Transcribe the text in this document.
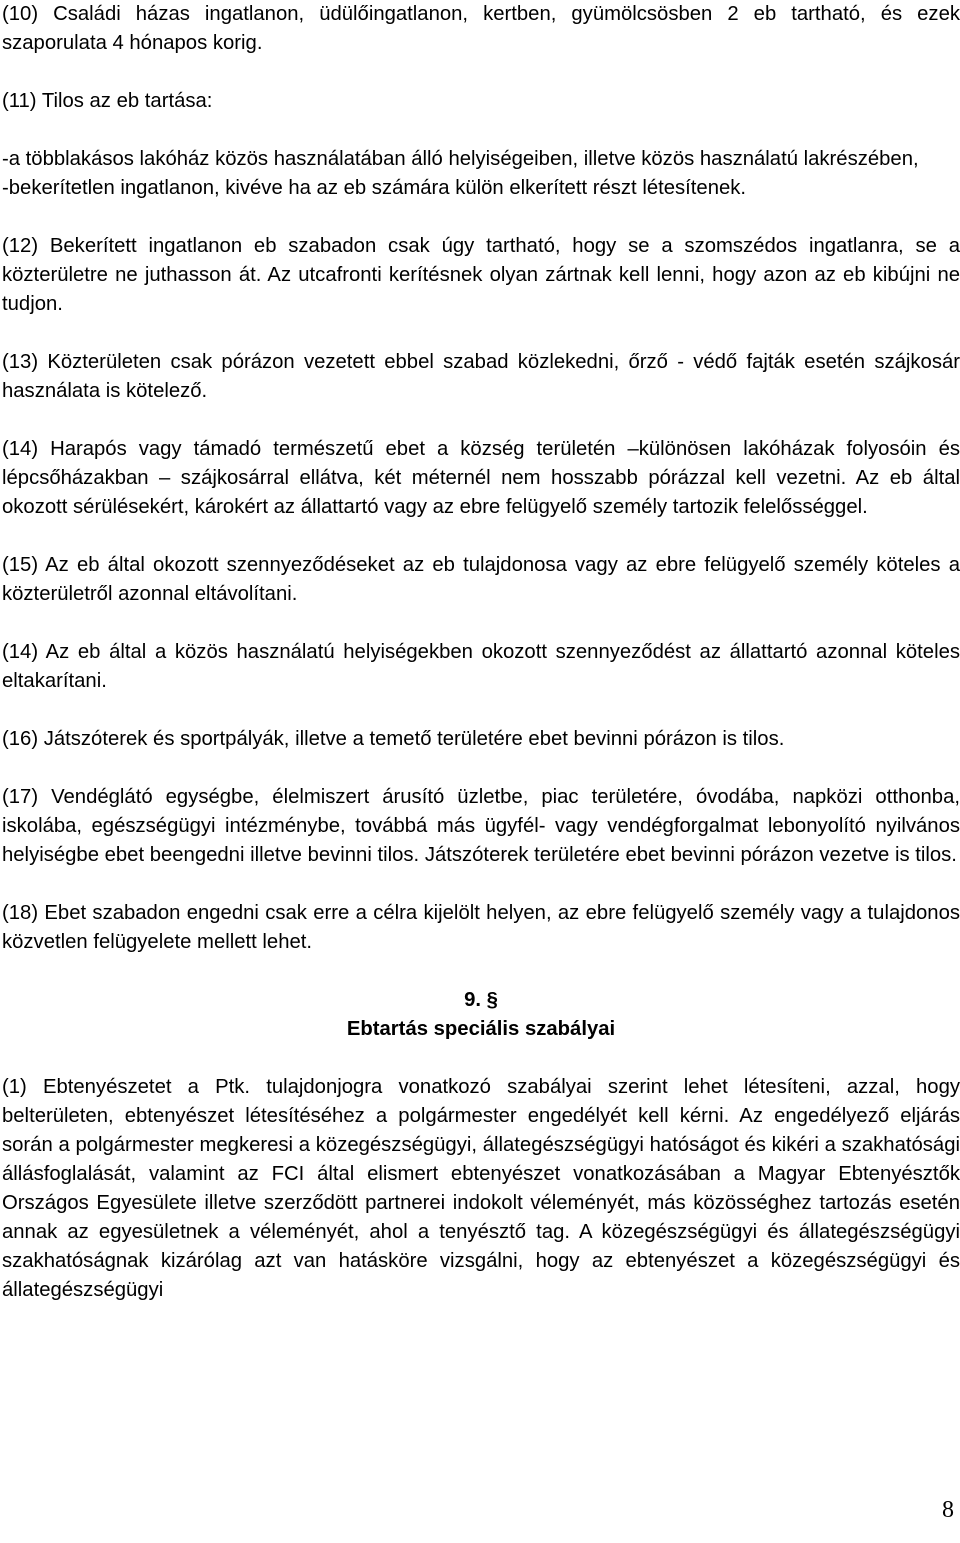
(10) Családi házas ingatlanon, üdülőingatlanon, kertben, gyümölcsösben 2 eb tartható, és ezek szaporulata 4 hónapos korig.

(11) Tilos az eb tartása:

-a többlakásos lakóház közös használatában álló helyiségeiben, illetve közös használatú lakrészében,
-bekerítetlen ingatlanon, kivéve ha az eb számára külön elkerített részt létesítenek.

(12) Bekerített ingatlanon eb szabadon csak úgy tartható, hogy se a szomszédos ingatlanra, se a közterületre ne juthasson át. Az utcafronti kerítésnek olyan zártnak kell lenni, hogy azon az eb kibújni ne tudjon.

(13) Közterületen csak pórázon vezetett ebbel szabad közlekedni, őrző - védő fajták esetén szájkosár használata is kötelező.

(14) Harapós vagy támadó természetű ebet a község területén –különösen lakóházak folyosóin és lépcsőházakban – szájkosárral ellátva, két méternél nem hosszabb pórázzal kell vezetni. Az eb által okozott sérülésekért, károkért az állattartó vagy az ebre felügyelő személy tartozik felelősséggel.

(15) Az eb által okozott szennyeződéseket az eb tulajdonosa vagy az ebre felügyelő személy köteles a közterületről azonnal eltávolítani.

(14) Az eb által a közös használatú helyiségekben okozott szennyeződést az állattartó azonnal köteles eltakarítani.

(16) Játszóterek és sportpályák, illetve a temető területére ebet bevinni pórázon is tilos.

(17) Vendéglátó egységbe, élelmiszert árusító üzletbe, piac területére, óvodába, napközi otthonba, iskolába, egészségügyi intézménybe, továbbá más ügyfél- vagy vendégforgalmat lebonyolító nyilvános helyiségbe ebet beengedni illetve bevinni tilos. Játszóterek területére ebet bevinni pórázon vezetve is tilos.

(18) Ebet szabadon engedni csak erre a célra kijelölt helyen, az ebre felügyelő személy vagy a tulajdonos közvetlen felügyelete mellett lehet.

9. §
Ebtartás speciális szabályai

(1) Ebtenyészetet a Ptk. tulajdonjogra vonatkozó szabályai szerint lehet létesíteni, azzal, hogy belterületen, ebtenyészet létesítéséhez a polgármester engedélyét kell kérni. Az engedélyező eljárás során a polgármester megkeresi a közegészségügyi, állategészségügyi hatóságot és kikéri a szakhatósági állásfoglalását, valamint az FCI által elismert ebtenyészet vonatkozásában a Magyar Ebtenyésztők Országos Egyesülete illetve szerződött partnerei indokolt véleményét, más közösséghez tartozás esetén annak az egyesületnek a véleményét, ahol a tenyésztő tag. A közegészségügyi és állategészségügyi szakhatóságnak kizárólag azt van hatásköre vizsgálni, hogy az ebtenyészet a közegészségügyi és állategészségügyi

8
